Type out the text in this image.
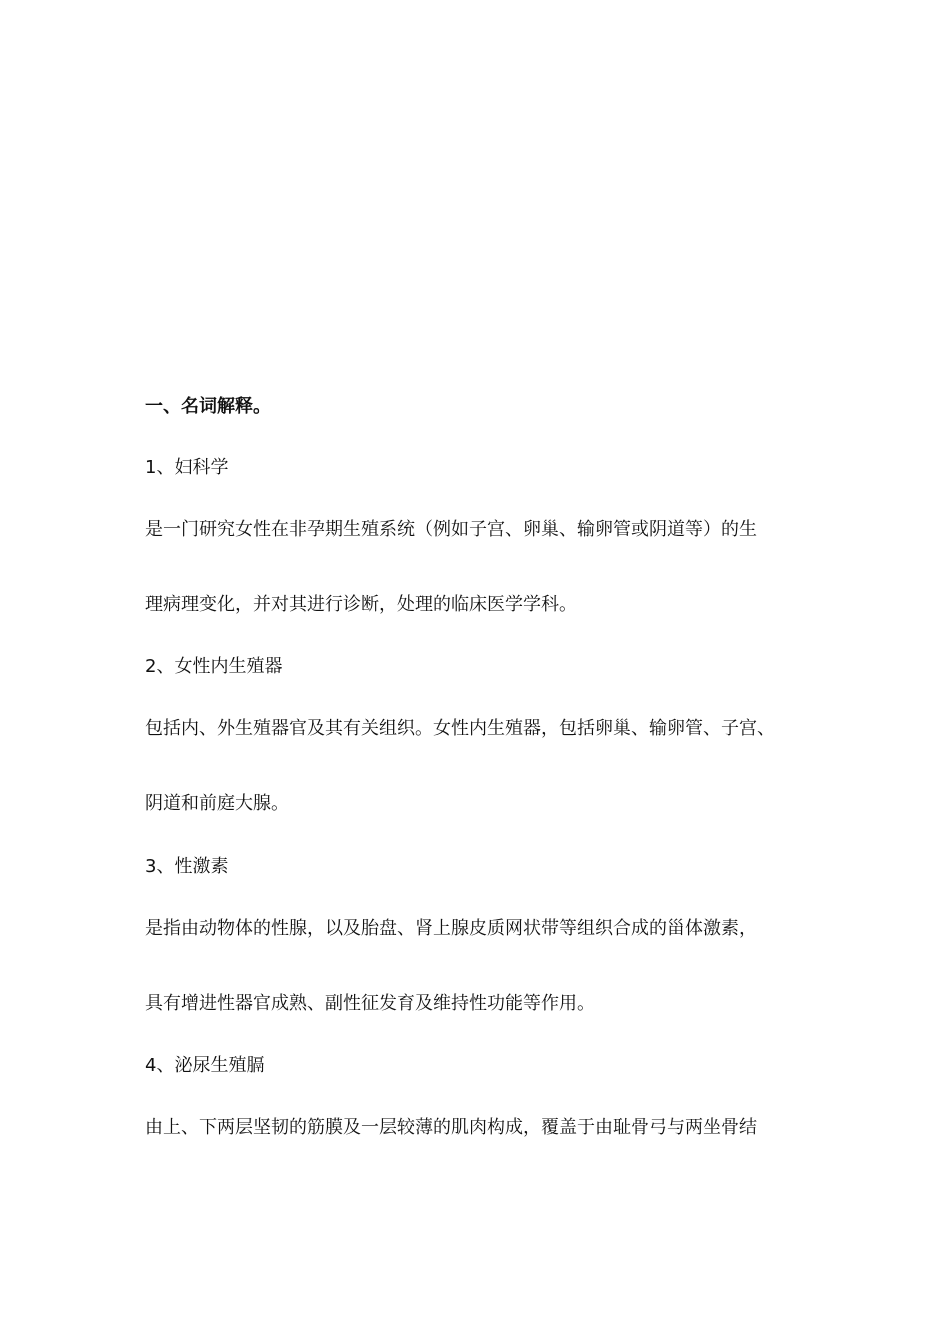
一、名词解释。
1、妇科学
是一门研究女性在非孕期生殖系统（例如子宫、卵巢、输卵管或阴道等）的生
理病理变化，并对其进行诊断，处理的临床医学学科。
2、女性内生殖器
包括内、外生殖器官及其有关组织。女性内生殖器，包括卵巢、输卵管、子宫、
阴道和前庭大腺。
3、性激素
是指由动物体的性腺，以及胎盘、肾上腺皮质网状带等组织合成的甾体激素，
具有增进性器官成熟、副性征发育及维持性功能等作用。
4、泌尿生殖膈
由上、下两层坚韧的筋膜及一层较薄的肌肉构成，覆盖于由耻骨弓与两坐骨结
